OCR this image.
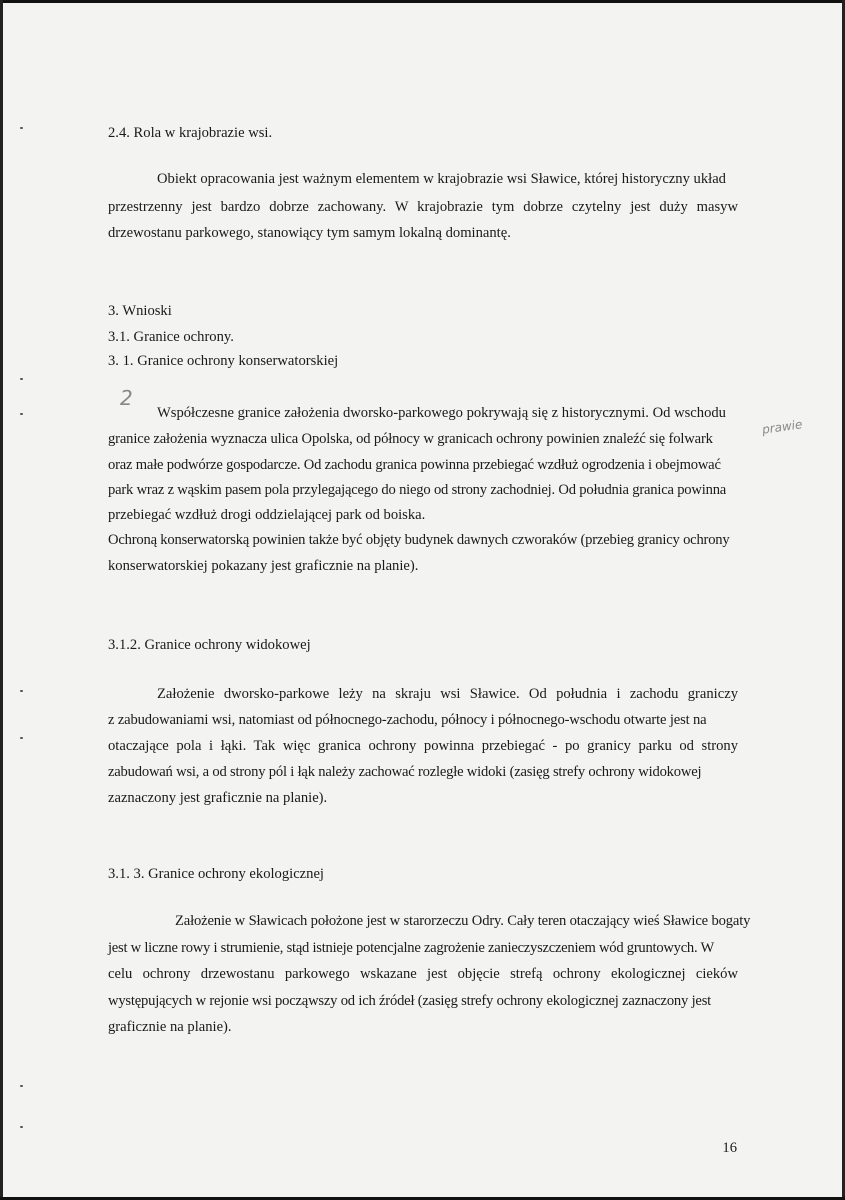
2.4. Rola w krajobrazie wsi.
Obiekt opracowania jest ważnym elementem w krajobrazie wsi Sławice, której historyczny układ
przestrzenny jest bardzo dobrze zachowany. W krajobrazie tym dobrze czytelny jest duży masyw
drzewostanu parkowego, stanowiący tym samym lokalną dominantę.
3. Wnioski
3.1. Granice ochrony.
3. 1. Granice ochrony konserwatorskiej
2
prawie
Współczesne granice założenia dworsko-parkowego pokrywają się z historycznymi. Od wschodu
granice założenia wyznacza ulica Opolska, od północy w granicach ochrony powinien znaleźć się folwark
oraz małe podwórze gospodarcze. Od zachodu granica powinna przebiegać wzdłuż ogrodzenia i obejmować
park wraz z wąskim pasem pola przylegającego do niego od strony zachodniej. Od południa granica powinna
przebiegać wzdłuż drogi oddzielającej park od boiska.
Ochroną konserwatorską powinien także być objęty budynek dawnych czworaków (przebieg granicy ochrony
konserwatorskiej pokazany jest graficznie na planie).
3.1.2. Granice ochrony widokowej
Założenie dworsko-parkowe leży na skraju wsi Sławice. Od południa i zachodu graniczy
z zabudowaniami wsi, natomiast od północnego-zachodu, północy i północnego-wschodu otwarte jest na
otaczające pola i łąki. Tak więc granica ochrony powinna przebiegać - po granicy parku od strony
zabudowań wsi, a od strony pól i łąk należy zachować rozległe widoki (zasięg strefy ochrony widokowej
zaznaczony jest graficznie na planie).
3.1. 3. Granice ochrony ekologicznej
Założenie w Sławicach położone jest w starorzeczu Odry. Cały teren otaczający wieś Sławice bogaty
jest w liczne rowy i strumienie, stąd istnieje potencjalne zagrożenie zanieczyszczeniem wód gruntowych. W
celu ochrony drzewostanu parkowego wskazane jest objęcie strefą ochrony ekologicznej cieków
występujących w rejonie wsi począwszy od ich źródeł (zasięg strefy ochrony ekologicznej zaznaczony jest
graficznie na planie).
16
